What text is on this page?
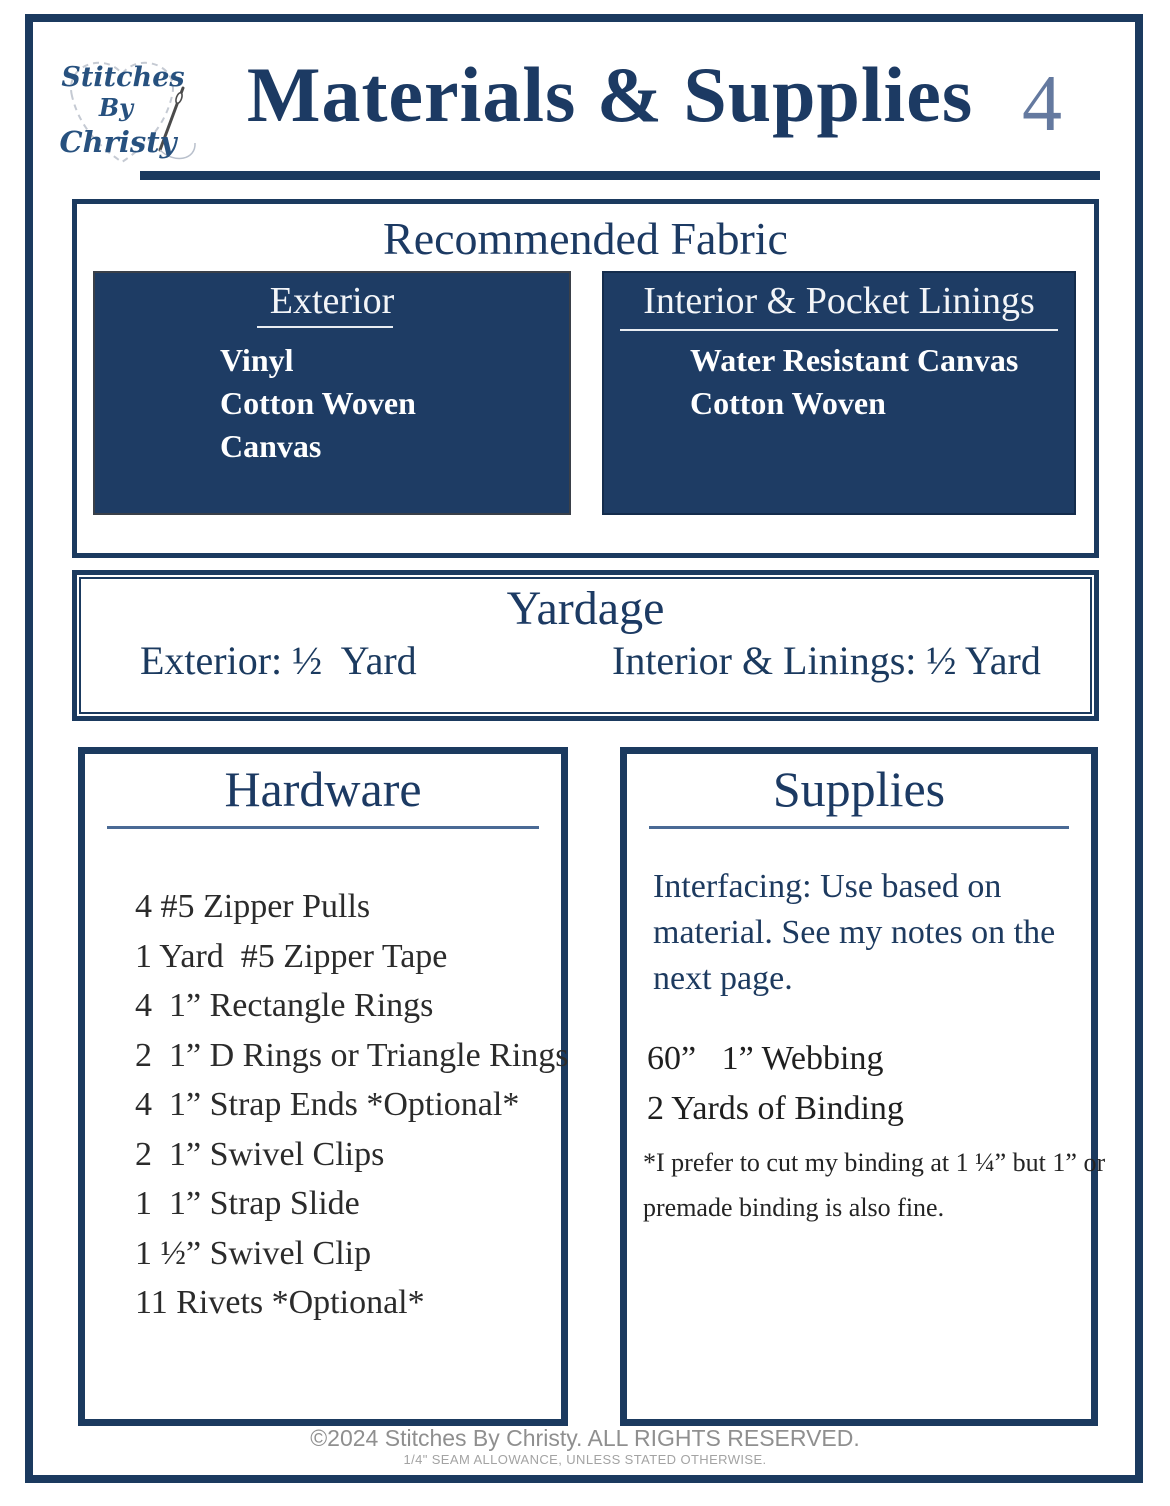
Stitches
By
Christy
Materials & Supplies 4
Recommended Fabric
Exterior
Vinyl
Cotton Woven
Canvas
Interior & Pocket Linings
Water Resistant Canvas
Cotton Woven
Yardage
Exterior: ½  Yard	Interior & Linings: ½ Yard
Hardware
4 #5 Zipper Pulls
1 Yard  #5 Zipper Tape
4  1” Rectangle Rings
2  1” D Rings or Triangle Rings
4  1” Strap Ends *Optional*
2  1” Swivel Clips
1  1” Strap Slide
1 ½” Swivel Clip
11 Rivets *Optional*
Supplies
Interfacing: Use based on
material. See my notes on the
next page.
60”   1” Webbing
2 Yards of Binding
*I prefer to cut my binding at 1 ¼” but 1” or
premade binding is also fine.
©2024 Stitches By Christy. ALL RIGHTS RESERVED.
1/4" SEAM ALLOWANCE, UNLESS STATED OTHERWISE.
